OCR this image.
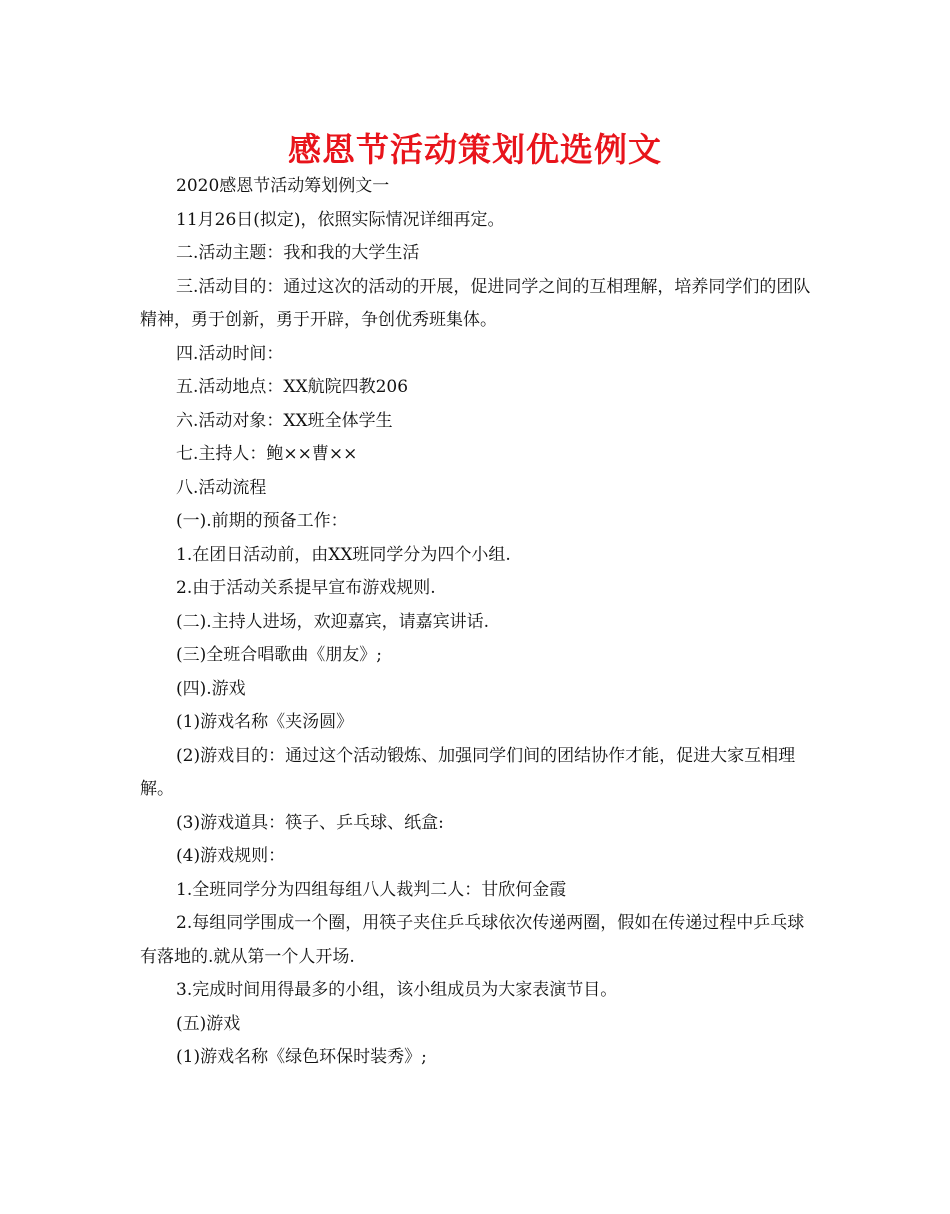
感恩节活动策划优选例文

2020感恩节活动筹划例文一

11月26日(拟定)，依照实际情况详细再定。

二.活动主题：我和我的大学生活

三.活动目的：通过这次的活动的开展，促进同学之间的互相理解，培养同学们的团队精神，勇于创新，勇于开辟，争创优秀班集体。

四.活动时间：

五.活动地点：XX航院四教206

六.活动对象：XX班全体学生

七.主持人：鲍××曹××

八.活动流程

(一).前期的预备工作：

1.在团日活动前，由XX班同学分为四个小组.

2.由于活动关系提早宣布游戏规则.

(二).主持人进场，欢迎嘉宾，请嘉宾讲话.

(三)全班合唱歌曲《朋友》;

(四).游戏

(1)游戏名称《夹汤圆》

(2)游戏目的：通过这个活动锻炼、加强同学们间的团结协作才能，促进大家互相理解。

(3)游戏道具：筷子、乒乓球、纸盒:

(4)游戏规则：

1.全班同学分为四组每组八人裁判二人：甘欣何金霞

2.每组同学围成一个圈，用筷子夹住乒乓球依次传递两圈，假如在传递过程中乒乓球有落地的.就从第一个人开场.

3.完成时间用得最多的小组，该小组成员为大家表演节目。

(五)游戏

(1)游戏名称《绿色环保时装秀》;
